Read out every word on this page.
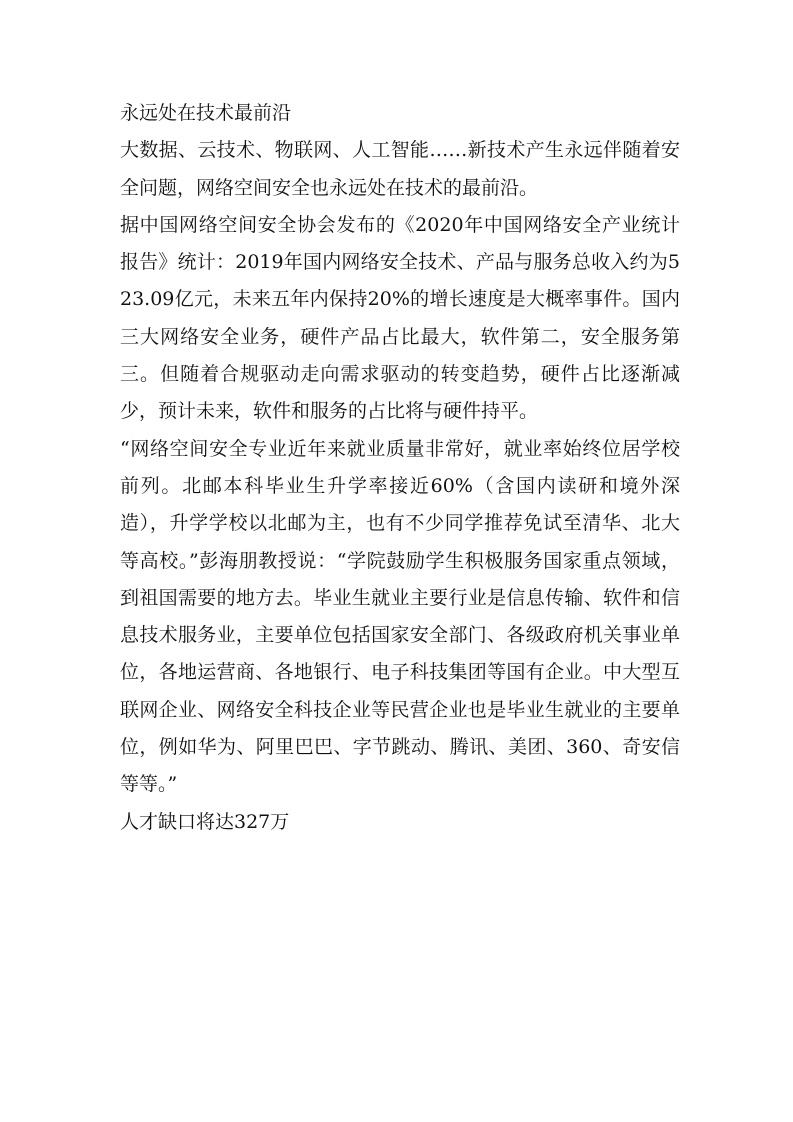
永远处在技术最前沿

大数据、云技术、物联网、人工智能……新技术产生永远伴随着安全问题，网络空间安全也永远处在技术的最前沿。

据中国网络空间安全协会发布的《2020年中国网络安全产业统计报告》统计：2019年国内网络安全技术、产品与服务总收入约为523.09亿元，未来五年内保持20%的增长速度是大概率事件。国内三大网络安全业务，硬件产品占比最大，软件第二，安全服务第三。但随着合规驱动走向需求驱动的转变趋势，硬件占比逐渐减少，预计未来，软件和服务的占比将与硬件持平。

“网络空间安全专业近年来就业质量非常好，就业率始终位居学校前列。北邮本科毕业生升学率接近60%（含国内读研和境外深造），升学学校以北邮为主，也有不少同学推荐免试至清华、北大等高校。”彭海朋教授说：“学院鼓励学生积极服务国家重点领域，到祖国需要的地方去。毕业生就业主要行业是信息传输、软件和信息技术服务业，主要单位包括国家安全部门、各级政府机关事业单位，各地运营商、各地银行、电子科技集团等国有企业。中大型互联网企业、网络安全科技企业等民营企业也是毕业生就业的主要单位，例如华为、阿里巴巴、字节跳动、腾讯、美团、360、奇安信等等。”

人才缺口将达327万
